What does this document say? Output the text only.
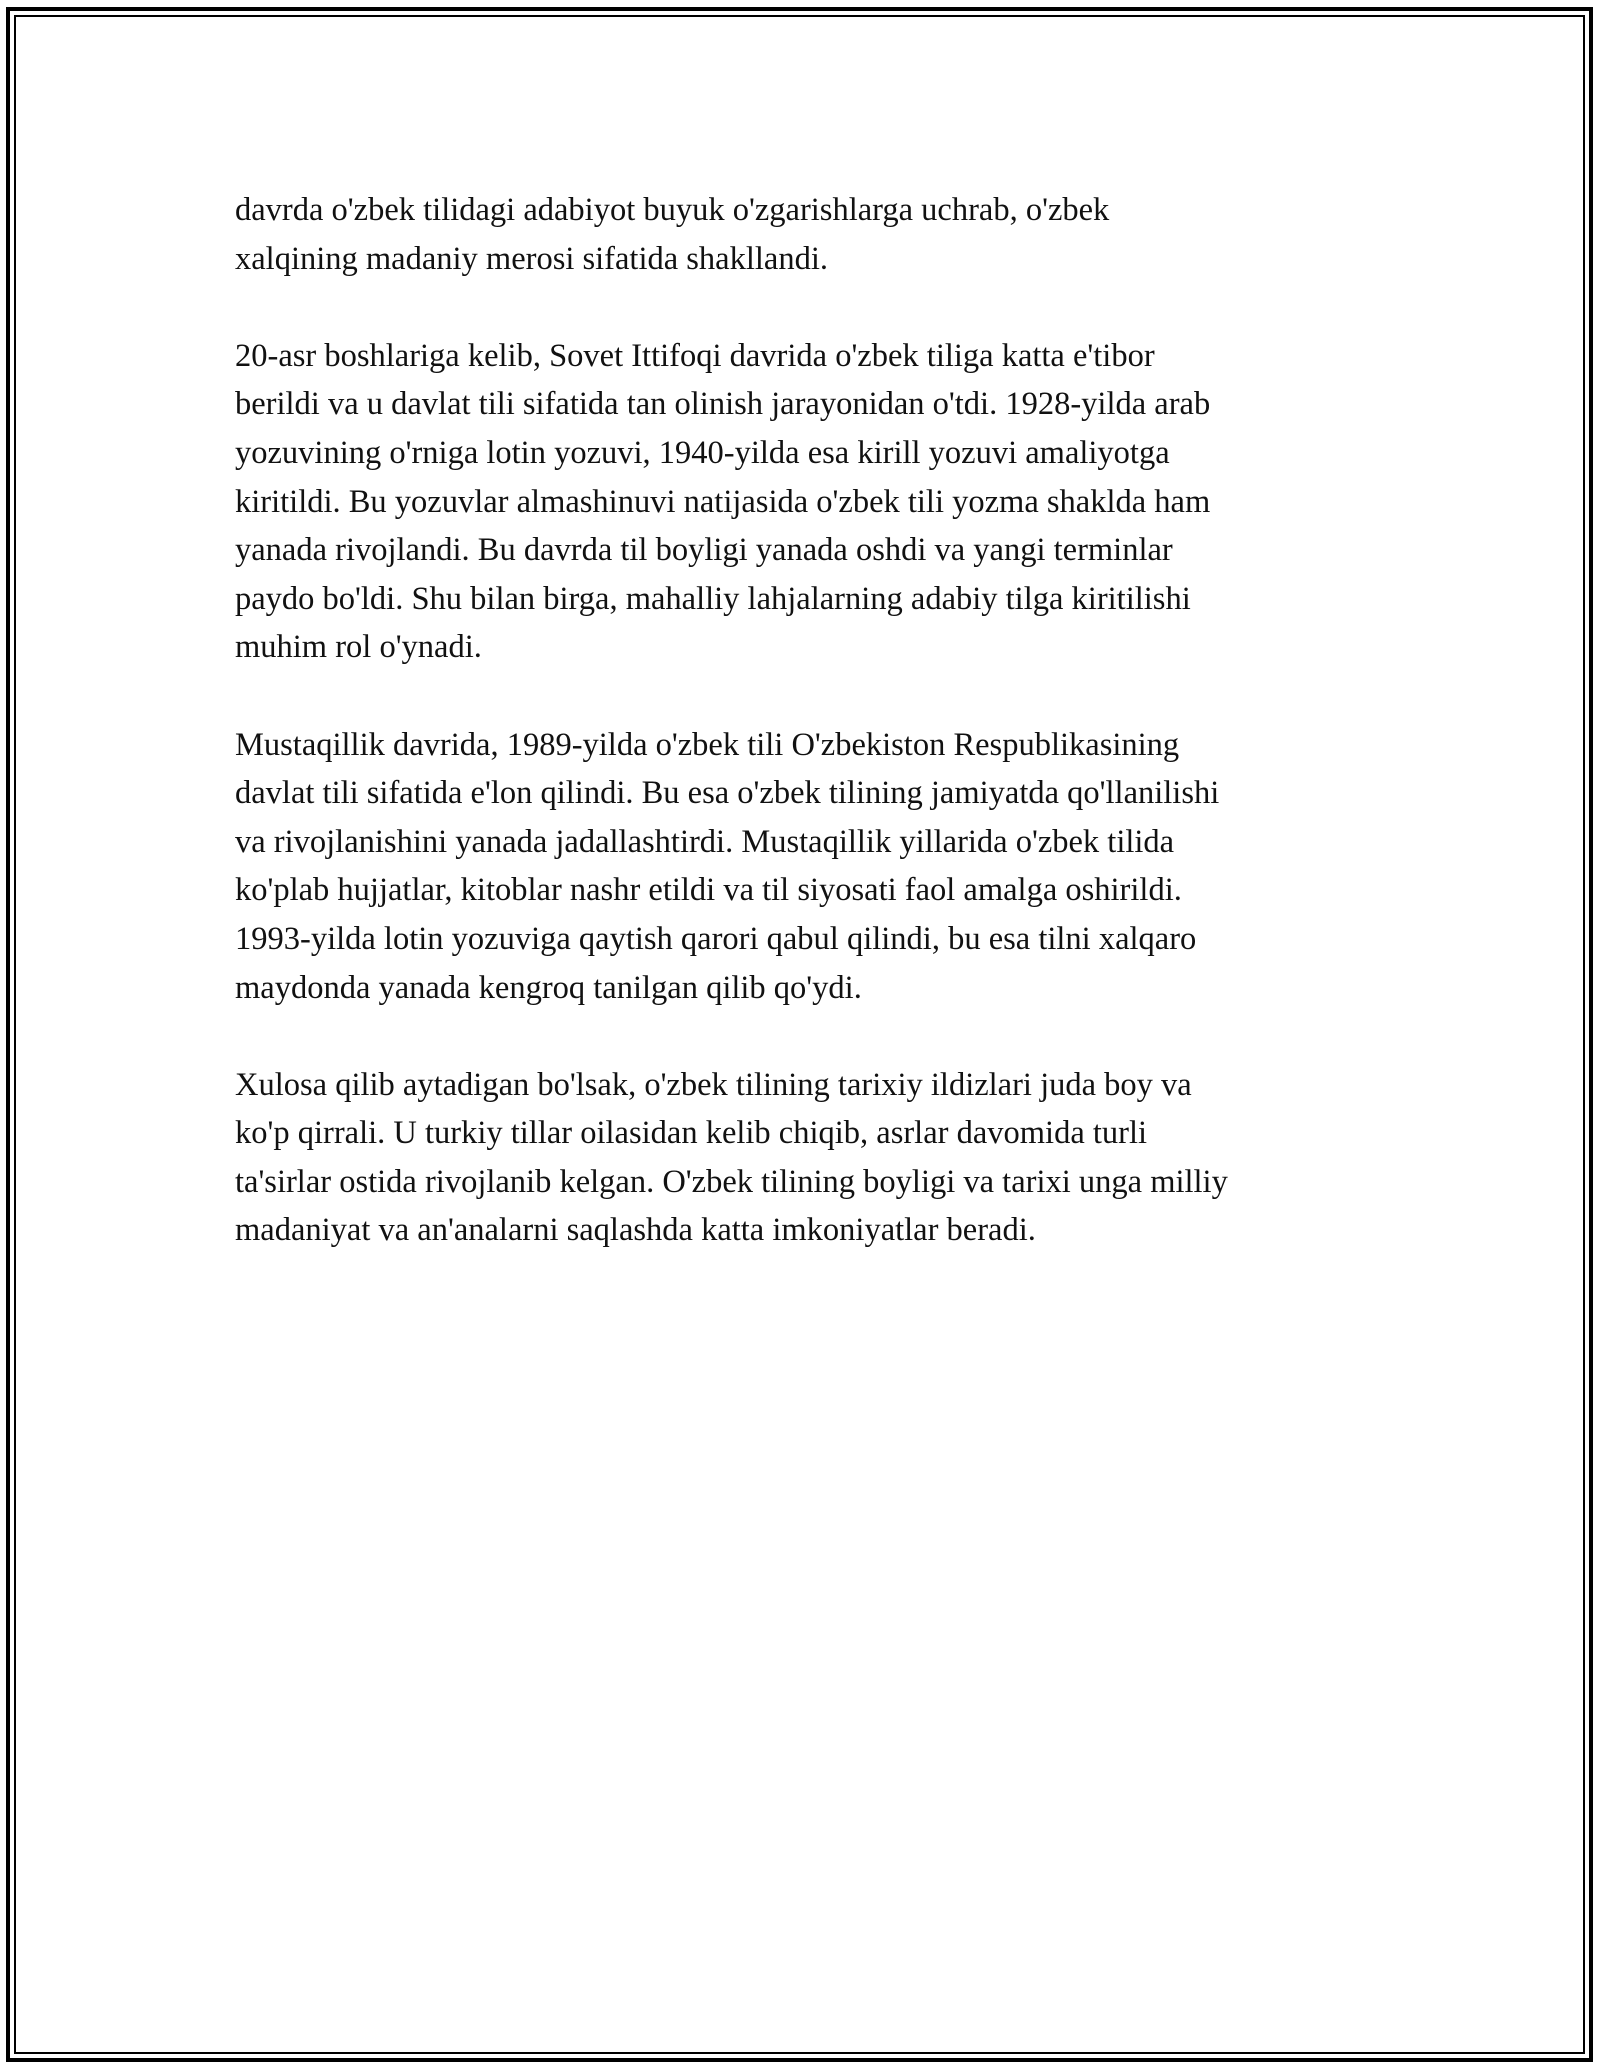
davrda o'zbek tilidagi adabiyot buyuk o'zgarishlarga uchrab, o'zbek
xalqining madaniy merosi sifatida shakllandi.

20-asr boshlariga kelib, Sovet Ittifoqi davrida o'zbek tiliga katta e'tibor
berildi va u davlat tili sifatida tan olinish jarayonidan o'tdi. 1928-yilda arab
yozuvining o'rniga lotin yozuvi, 1940-yilda esa kirill yozuvi amaliyotga
kiritildi. Bu yozuvlar almashinuvi natijasida o'zbek tili yozma shaklda ham
yanada rivojlandi. Bu davrda til boyligi yanada oshdi va yangi terminlar
paydo bo'ldi. Shu bilan birga, mahalliy lahjalarning adabiy tilga kiritilishi
muhim rol o'ynadi.

Mustaqillik davrida, 1989-yilda o'zbek tili O'zbekiston Respublikasining
davlat tili sifatida e'lon qilindi. Bu esa o'zbek tilining jamiyatda qo'llanilishi
va rivojlanishini yanada jadallashtirdi. Mustaqillik yillarida o'zbek tilida
ko'plab hujjatlar, kitoblar nashr etildi va til siyosati faol amalga oshirildi.
1993-yilda lotin yozuviga qaytish qarori qabul qilindi, bu esa tilni xalqaro
maydonda yanada kengroq tanilgan qilib qo'ydi.

Xulosa qilib aytadigan bo'lsak, o'zbek tilining tarixiy ildizlari juda boy va
ko'p qirrali. U turkiy tillar oilasidan kelib chiqib, asrlar davomida turli
ta'sirlar ostida rivojlanib kelgan. O'zbek tilining boyligi va tarixi unga milliy
madaniyat va an'analarni saqlashda katta imkoniyatlar beradi.
